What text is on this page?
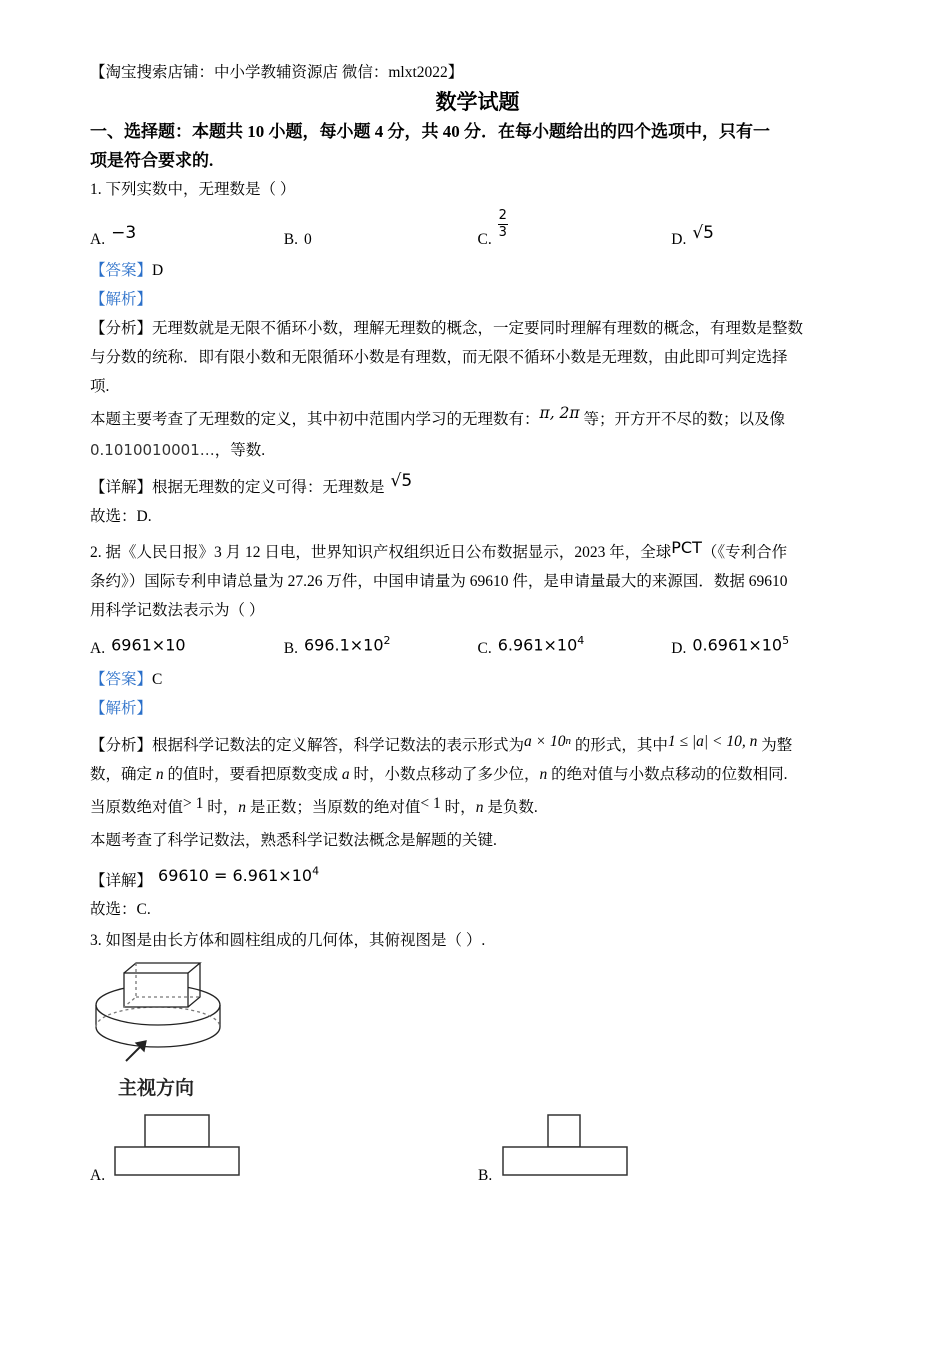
【淘宝搜索店铺：中小学教辅资源店 微信：mlxt2022】
数学试题
一、选择题：本题共 10 小题，每小题 4 分，共 40 分．在每小题给出的四个选项中，只有一
项是符合要求的.
1. 下列实数中，无理数是（ ）
A. −3	B. 0	C. $\frac{2}{3}$	D. √5
【答案】D
【解析】
【分析】无理数就是无限不循环小数，理解无理数的概念，一定要同时理解有理数的概念，有理数是整数
与分数的统称．即有限小数和无限循环小数是有理数，而无限不循环小数是无理数，由此即可判定选择
项.
本题主要考查了无理数的定义，其中初中范围内学习的无理数有：π, 2π 等；开方开不尽的数；以及像
0.1010010001…，等数.
【详解】根据无理数的定义可得：无理数是 √5
故选：D.
2. 据《人民日报》3 月 12 日电，世界知识产权组织近日公布数据显示，2023 年，全球PCT（《专利合作
条约》）国际专利申请总量为 27.26 万件，中国申请量为 69610 件，是申请量最大的来源国．数据 69610
用科学记数法表示为（ ）
A. 6961×10	B. $696.1\times 10^2$	C. $6.961\times 10^4$	D. $0.6961\times 10^5$
【答案】C
【解析】
【分析】根据科学记数法的定义解答，科学记数法的表示形式为$a \times 10^n$ 的形式，其中1 ≤ |a| < 10, n 为整
数，确定 n 的值时，要看把原数变成 a 时，小数点移动了多少位，n 的绝对值与小数点移动的位数相同.
当原数绝对值> 1 时，n 是正数；当原数的绝对值< 1 时，n 是负数.
本题考查了科学记数法，熟悉科学记数法概念是解题的关键.
【详解】 $69610 = 6.961\times 10^4$
故选：C.
3. 如图是由长方体和圆柱组成的几何体，其俯视图是（ ）.
主视方向
A.	B.
